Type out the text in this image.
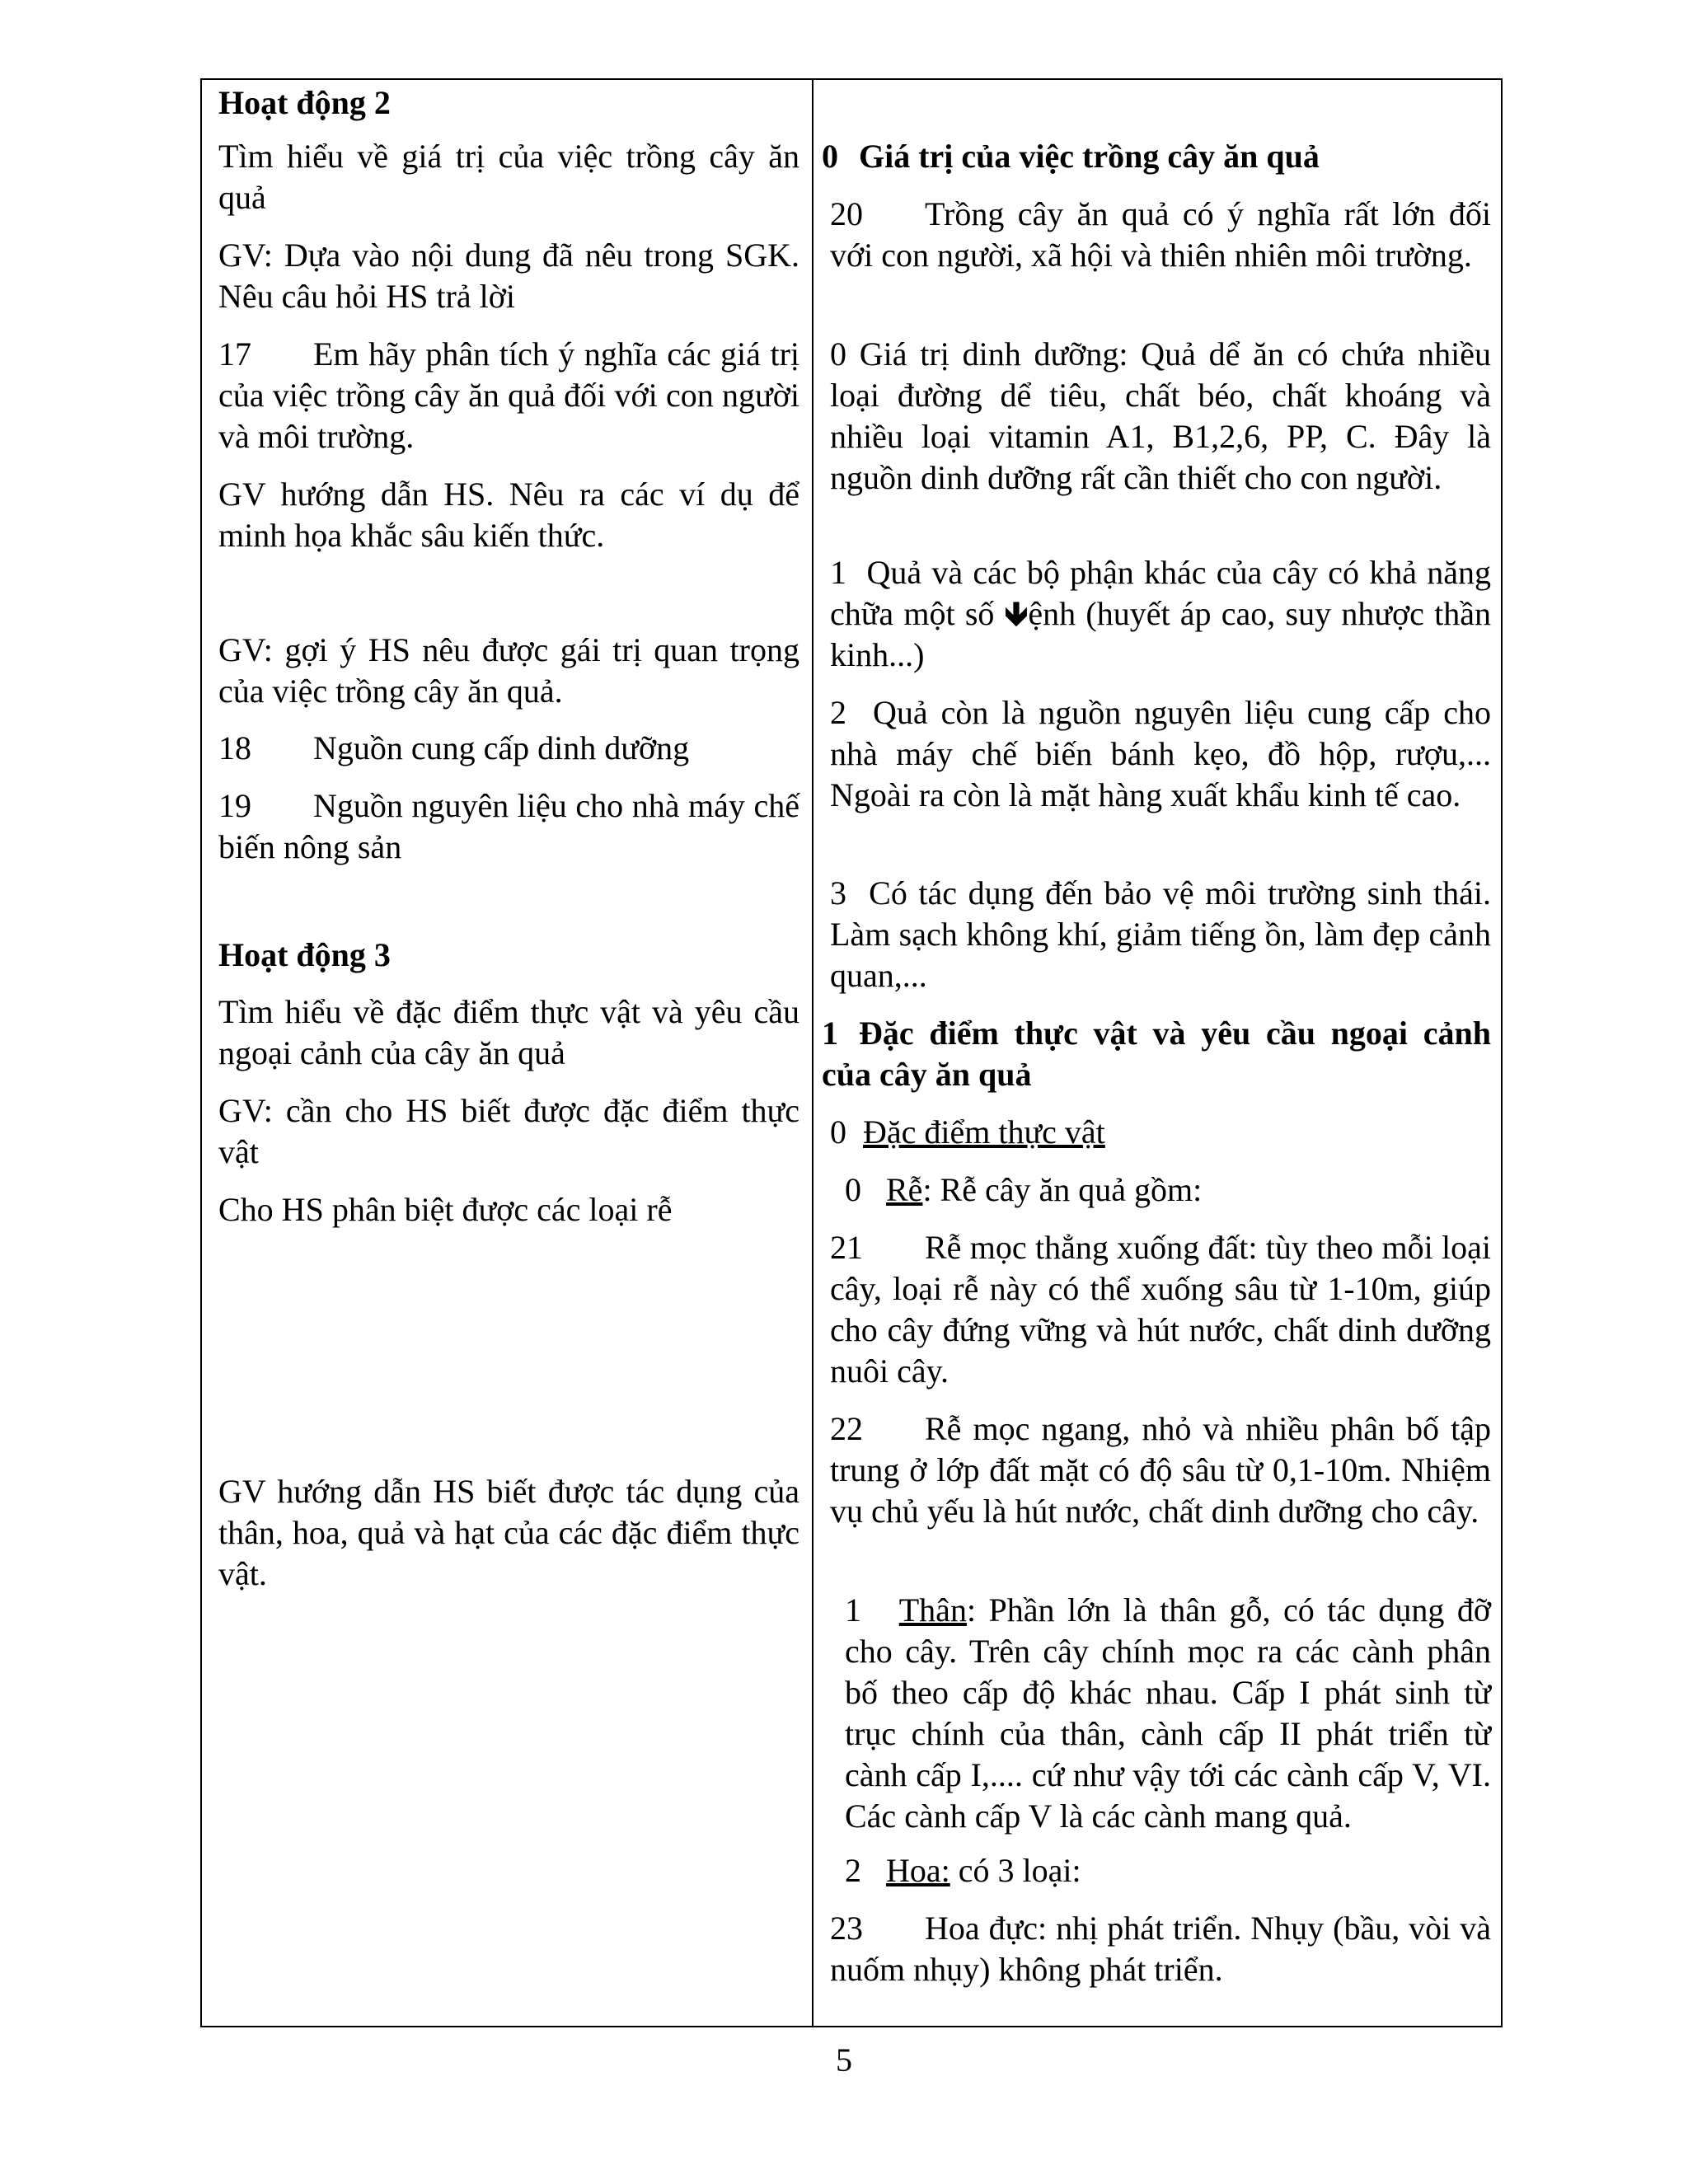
Hoạt động 2
Tìm hiểu về giá trị của việc trồng cây ăn quả
GV: Dựa vào nội dung đã nêu trong SGK. Nêu câu hỏi HS trả lời
17 Em hãy phân tích ý nghĩa các giá trị của việc trồng cây ăn quả đối với con người và môi trường.
GV hướng dẫn HS. Nêu ra các ví dụ để minh họa khắc sâu kiến thức.
GV: gợi ý HS nêu được gái trị quan trọng của việc trồng cây ăn quả.
18 Nguồn cung cấp dinh dưỡng
19 Nguồn nguyên liệu cho nhà máy chế biến nông sản
Hoạt động 3
Tìm hiểu về đặc điểm thực vật và yêu cầu ngoại cảnh của cây ăn quả
GV: cần cho HS biết được đặc điểm thực vật
Cho HS phân biệt được các loại rễ
GV hướng dẫn HS biết được tác dụng của thân, hoa, quả và hạt của các đặc điểm thực vật.
0 Giá trị của việc trồng cây ăn quả
20 Trồng cây ăn quả có ý nghĩa rất lớn đối với con người, xã hội và thiên nhiên môi trường.
0 Giá trị dinh dưỡng: Quả dể ăn có chứa nhiều loại đường dể tiêu, chất béo, chất khoáng và nhiều loại vitamin A1, B1,2,6, PP, C. Đây là nguồn dinh dưỡng rất cần thiết cho con người.
1 Quả và các bộ phận khác của cây có khả năng chữa một số 🡻ệnh (huyết áp cao, suy nhược thần kinh...)
2 Quả còn là nguồn nguyên liệu cung cấp cho nhà máy chế biến bánh kẹo, đồ hộp, rượu,... Ngoài ra còn là mặt hàng xuất khẩu kinh tế cao.
3 Có tác dụng đến bảo vệ môi trường sinh thái. Làm sạch không khí, giảm tiếng ồn, làm đẹp cảnh quan,...
1 Đặc điểm thực vật và yêu cầu ngoại cảnh của cây ăn quả
0 Đặc điểm thực vật
0 Rễ: Rễ cây ăn quả gồm:
21 Rễ mọc thẳng xuống đất: tùy theo mỗi loại cây, loại rễ này có thể xuống sâu từ 1-10m, giúp cho cây đứng vững và hút nước, chất dinh dưỡng nuôi cây.
22 Rễ mọc ngang, nhỏ và nhiều phân bố tập trung ở lớp đất mặt có độ sâu từ 0,1-10m. Nhiệm vụ chủ yếu là hút nước, chất dinh dưỡng cho cây.
1 Thân: Phần lớn là thân gỗ, có tác dụng đỡ cho cây. Trên cây chính mọc ra các cành phân bố theo cấp độ khác nhau. Cấp I phát sinh từ trục chính của thân, cành cấp II phát triển từ cành cấp I,.... cứ như vậy tới các cành cấp V, VI. Các cành cấp V là các cành mang quả.
2 Hoa: có 3 loại:
23 Hoa đực: nhị phát triển. Nhụy (bầu, vòi và nuốm nhụy) không phát triển.
5
